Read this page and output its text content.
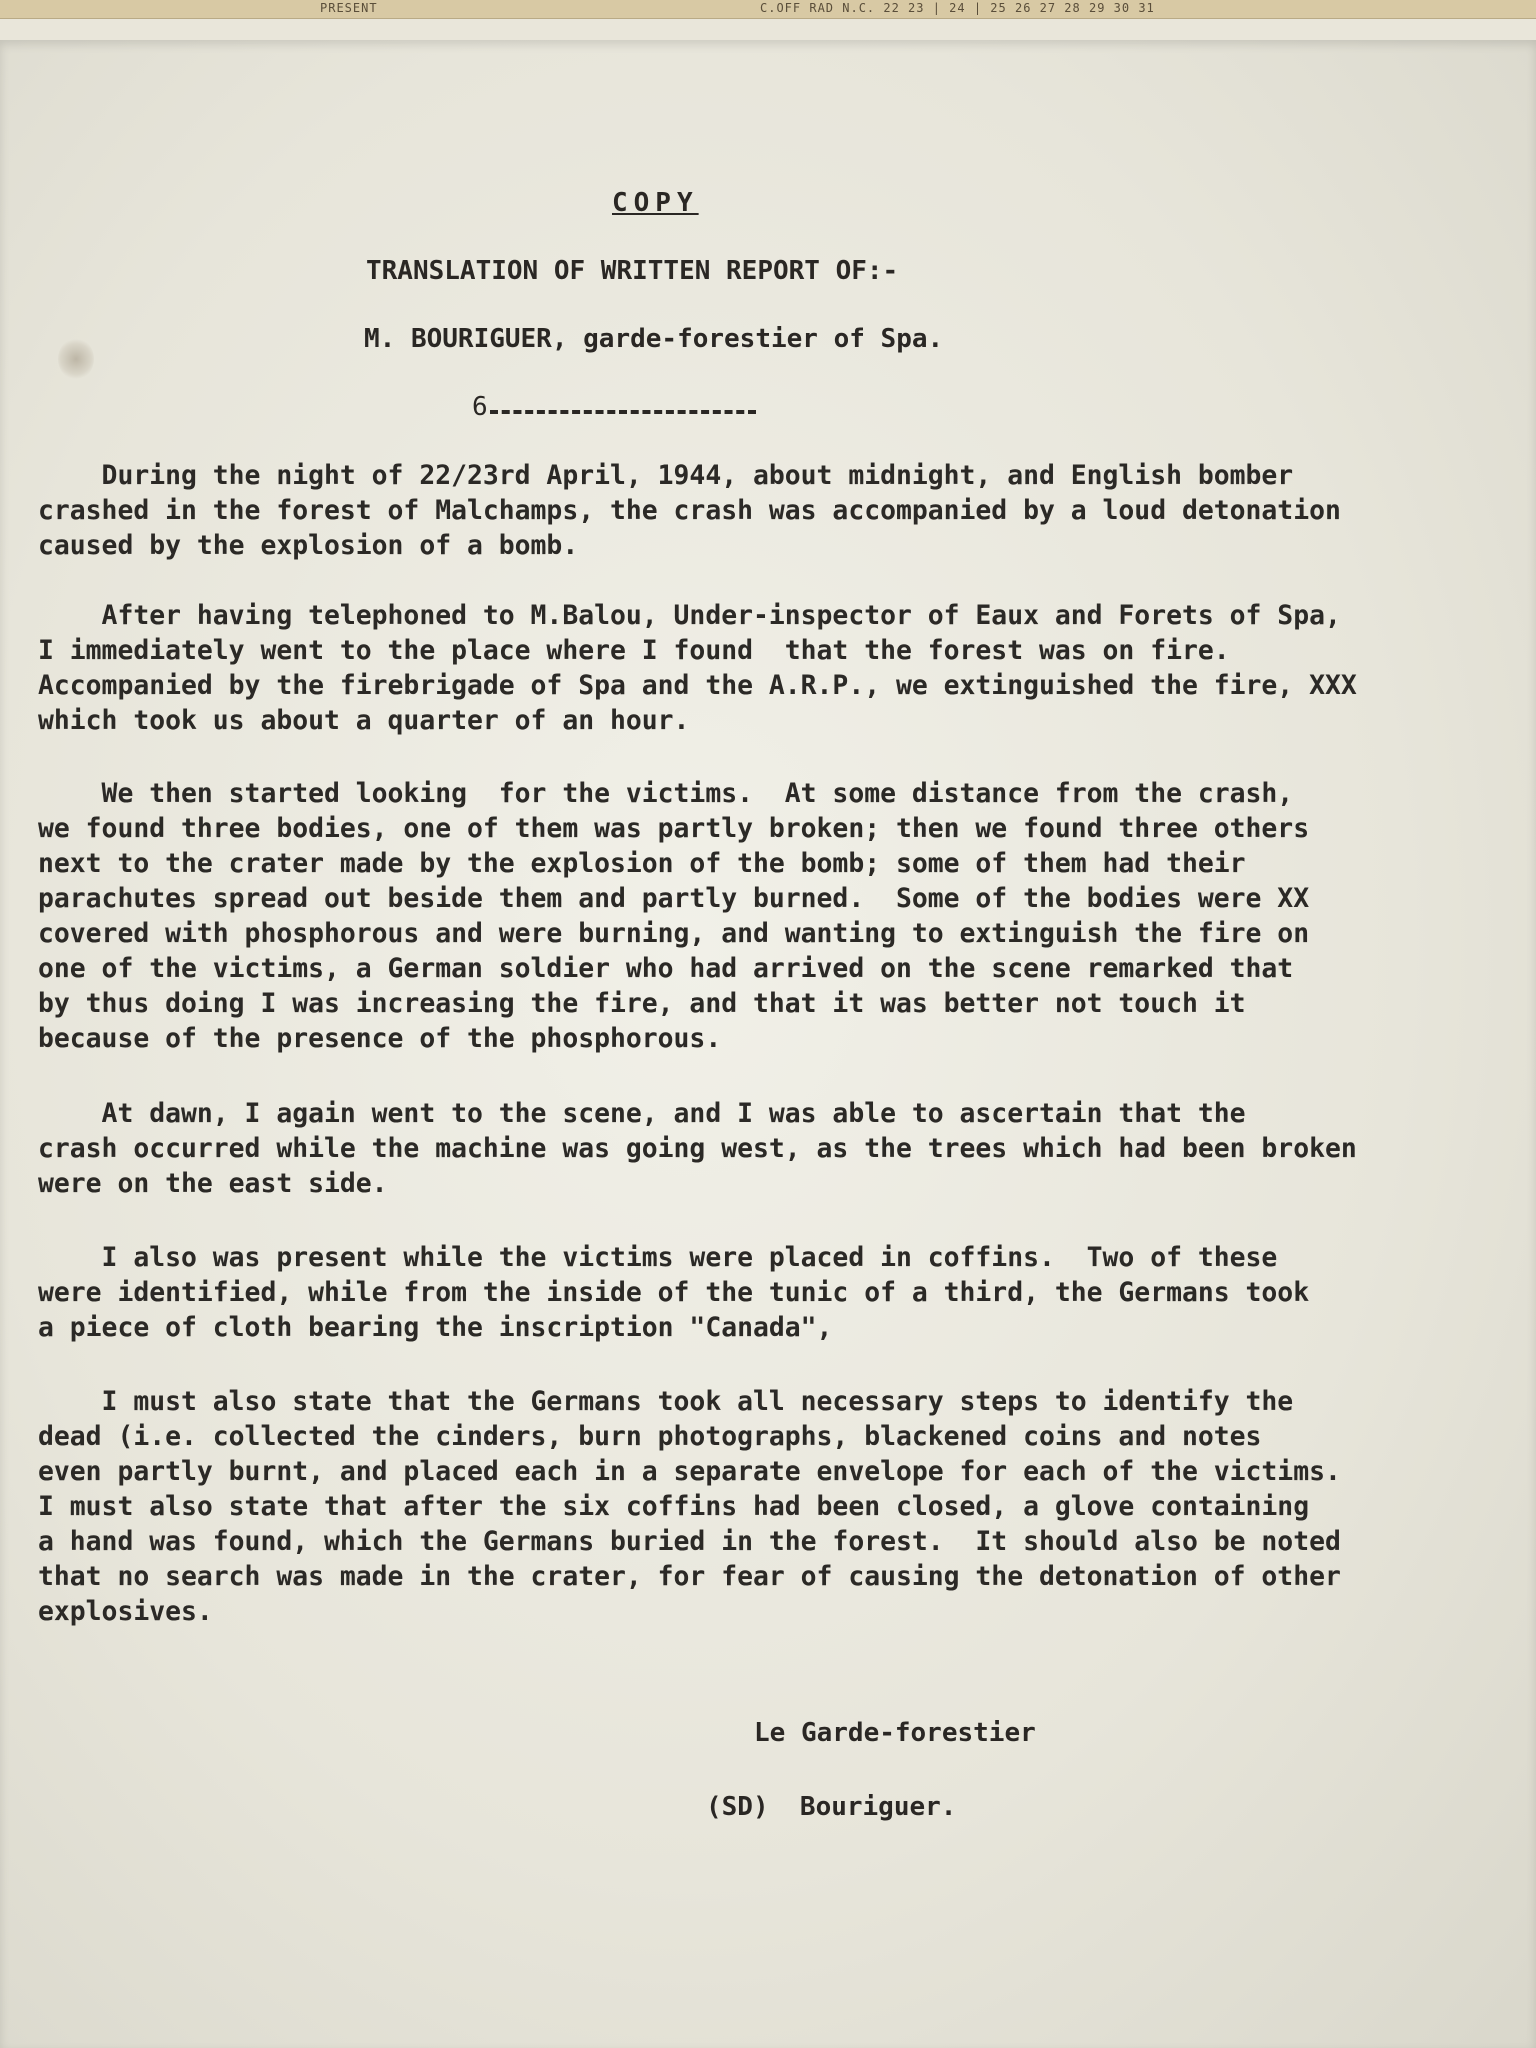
PRESENT	C.OFF RAD N.C. 22 23 | 24 | 25 26 27 28 29 30 31
COPY
TRANSLATION OF WRITTEN REPORT OF:-
M. BOURIGUER, garde-forestier of Spa.
6
During the night of 22/23rd April, 1944, about midnight, and English bomber
crashed in the forest of Malchamps, the crash was accompanied by a loud detonation
caused by the explosion of a bomb.
After having telephoned to M.Balou, Under-inspector of Eaux and Forets of Spa,
I immediately went to the place where I found  that the forest was on fire.
Accompanied by the firebrigade of Spa and the A.R.P., we extinguished the fire, XXX
which took us about a quarter of an hour.
We then started looking  for the victims.  At some distance from the crash,
we found three bodies, one of them was partly broken; then we found three others
next to the crater made by the explosion of the bomb; some of them had their
parachutes spread out beside them and partly burned.  Some of the bodies were XX
covered with phosphorous and were burning, and wanting to extinguish the fire on
one of the victims, a German soldier who had arrived on the scene remarked that
by thus doing I was increasing the fire, and that it was better not touch it
because of the presence of the phosphorous.
At dawn, I again went to the scene, and I was able to ascertain that the
crash occurred while the machine was going west, as the trees which had been broken
were on the east side.
I also was present while the victims were placed in coffins.  Two of these
were identified, while from the inside of the tunic of a third, the Germans took
a piece of cloth bearing the inscription "Canada",
I must also state that the Germans took all necessary steps to identify the
dead (i.e. collected the cinders, burn photographs, blackened coins and notes
even partly burnt, and placed each in a separate envelope for each of the victims.
I must also state that after the six coffins had been closed, a glove containing
a hand was found, which the Germans buried in the forest.  It should also be noted
that no search was made in the crater, for fear of causing the detonation of other
explosives.
Le Garde-forestier
(SD)  Bouriguer.
